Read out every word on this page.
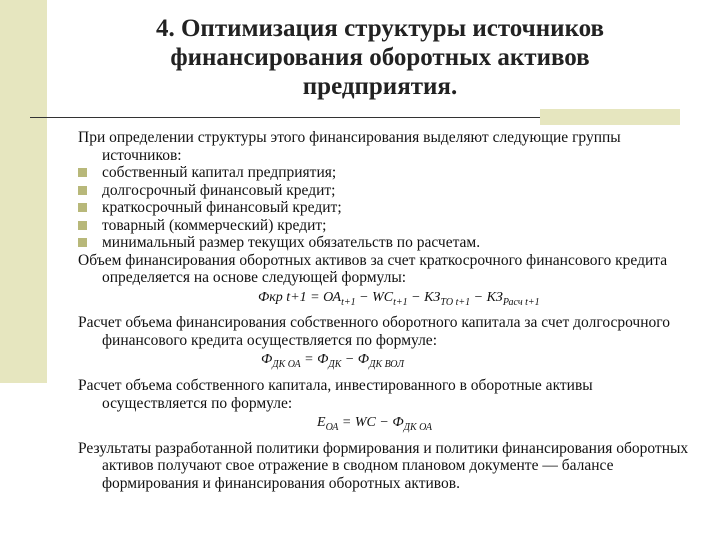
4. Оптимизация структуры источников
финансирования оборотных активов
предприятия.

При определении структуры этого финансирования выделяют следующие группы источников:

собственный капитал предприятия;
долгосрочный финансовый кредит;
краткосрочный финансовый кредит;
товарный (коммерческий) кредит;
минимальный размер текущих обязательств по расчетам.

Объем финансирования оборотных активов за счет краткосрочного финансового кредита определяется на основе следующей формулы:

Фкр $t+1 = ОА_{t+1} - WC_{t+1} - КЗ_{ТО t+1} - КЗ_{Расч t+1}$

Расчет объема финансирования собственного оборотного капитала за счет долгосрочного финансового кредита осуществляется по формуле:

$Ф_{ДК ОА} = Ф_{ДК} - Ф_{ДК ВОЛ}$

Расчет объема собственного капитала, инвестированного в оборотные активы осуществляется по формуле:

$Е_{ОА}$ = WC − $Ф_{ДК ОА}$

Результаты разработанной политики формирования и политики финансирования оборотных активов получают свое отражение в сводном плановом документе — балансе формирования и финансирования оборотных активов.
